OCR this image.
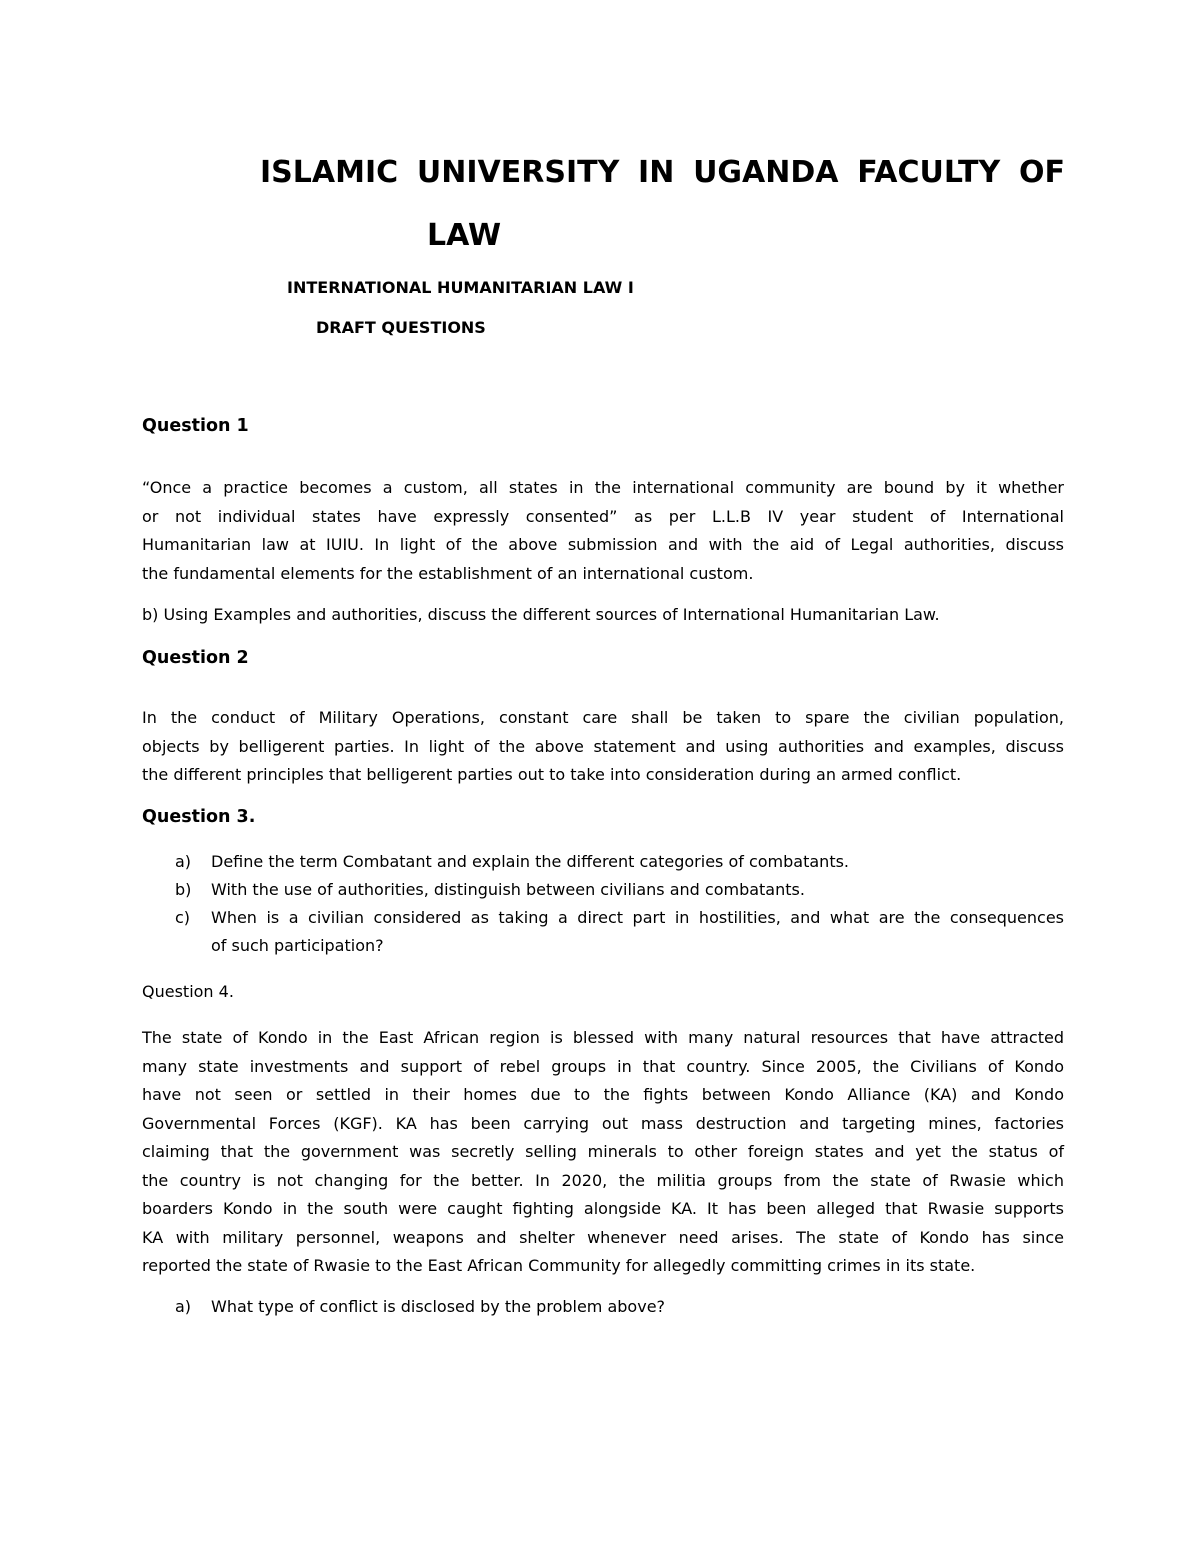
ISLAMIC UNIVERSITY IN UGANDA FACULTY OF
LAW
INTERNATIONAL HUMANITARIAN LAW I
DRAFT QUESTIONS
Question 1
“Once a practice becomes a custom, all states in the international community are bound by it whether
or not individual states have expressly consented” as per L.L.B IV year student of International
Humanitarian law at IUIU. In light of the above submission and with the aid of Legal authorities, discuss
the fundamental elements for the establishment of an international custom.
b) Using Examples and authorities, discuss the different sources of International Humanitarian Law.
Question 2
In the conduct of Military Operations, constant care shall be taken to spare the civilian population,
objects by belligerent parties. In light of the above statement and using authorities and examples, discuss
the different principles that belligerent parties out to take into consideration during an armed conflict.
Question 3.
a) Define the term Combatant and explain the different categories of combatants.
b) With the use of authorities, distinguish between civilians and combatants.
c) When is a civilian considered as taking a direct part in hostilities, and what are the consequences
of such participation?
Question 4.
The state of Kondo in the East African region is blessed with many natural resources that have attracted
many state investments and support of rebel groups in that country. Since 2005, the Civilians of Kondo
have not seen or settled in their homes due to the fights between Kondo Alliance (KA) and Kondo
Governmental Forces (KGF). KA has been carrying out mass destruction and targeting mines, factories
claiming that the government was secretly selling minerals to other foreign states and yet the status of
the country is not changing for the better. In 2020, the militia groups from the state of Rwasie which
boarders Kondo in the south were caught fighting alongside KA. It has been alleged that Rwasie supports
KA with military personnel, weapons and shelter whenever need arises. The state of Kondo has since
reported the state of Rwasie to the East African Community for allegedly committing crimes in its state.
a) What type of conflict is disclosed by the problem above?
